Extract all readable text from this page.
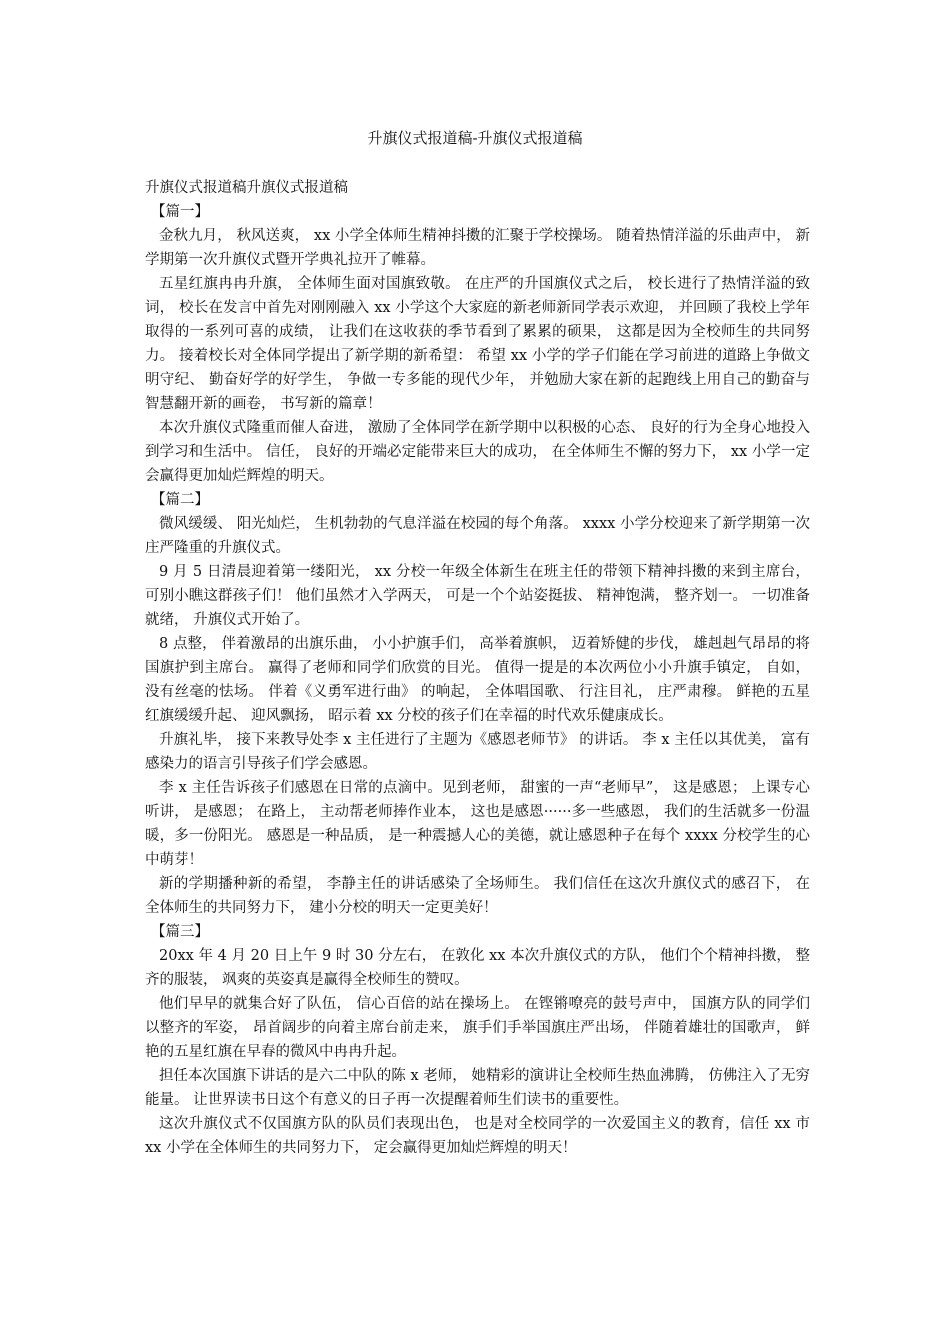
升旗仪式报道稿-升旗仪式报道稿

升旗仪式报道稿升旗仪式报道稿

【篇一】

金秋九月， 秋风送爽， xx 小学全体师生精神抖擞的汇聚于学校操场。 随着热情洋溢的乐曲声中， 新学期第一次升旗仪式暨开学典礼拉开了帷幕。

五星红旗冉冉升旗， 全体师生面对国旗致敬。 在庄严的升国旗仪式之后， 校长进行了热情洋溢的致词， 校长在发言中首先对刚刚融入 xx 小学这个大家庭的新老师新同学表示欢迎， 并回顾了我校上学年取得的一系列可喜的成绩， 让我们在这收获的季节看到了累累的硕果， 这都是因为全校师生的共同努力。 接着校长对全体同学提出了新学期的新希望： 希望 xx 小学的学子们能在学习前进的道路上争做文明守纪、 勤奋好学的好学生， 争做一专多能的现代少年， 并勉励大家在新的起跑线上用自己的勤奋与智慧翻开新的画卷， 书写新的篇章！

本次升旗仪式隆重而催人奋进， 激励了全体同学在新学期中以积极的心态、 良好的行为全身心地投入到学习和生活中。 信任， 良好的开端必定能带来巨大的成功， 在全体师生不懈的努力下， xx 小学一定会赢得更加灿烂辉煌的明天。

【篇二】

微风缓缓、 阳光灿烂， 生机勃勃的气息洋溢在校园的每个角落。 xxxx 小学分校迎来了新学期第一次庄严隆重的升旗仪式。

9 月 5 日清晨迎着第一缕阳光， xx 分校一年级全体新生在班主任的带领下精神抖擞的来到主席台， 可别小瞧这群孩子们！ 他们虽然才入学两天， 可是一个个站姿挺拔、 精神饱满， 整齐划一。 一切准备就绪， 升旗仪式开始了。

8 点整， 伴着激昂的出旗乐曲， 小小护旗手们， 高举着旗帜， 迈着矫健的步伐， 雄赳赳气昂昂的将国旗护到主席台。 赢得了老师和同学们欣赏的目光。 值得一提是的本次两位小小升旗手镇定， 自如， 没有丝毫的怯场。 伴着《义勇军进行曲》 的响起， 全体唱国歌、 行注目礼， 庄严肃穆。 鲜艳的五星红旗缓缓升起、 迎风飘扬， 昭示着 xx 分校的孩子们在幸福的时代欢乐健康成长。

升旗礼毕， 接下来教导处李 x 主任进行了主题为《感恩老师节》 的讲话。 李 x 主任以其优美， 富有感染力的语言引导孩子们学会感恩。

李 x 主任告诉孩子们感恩在日常的点滴中。见到老师， 甜蜜的一声“老师早”， 这是感恩； 上课专心听讲， 是感恩； 在路上， 主动帮老师捧作业本， 这也是感恩······多一些感恩， 我们的生活就多一份温暖，多一份阳光。 感恩是一种品质， 是一种震撼人心的美德，就让感恩种子在每个 xxxx 分校学生的心中萌芽！

新的学期播种新的希望， 李静主任的讲话感染了全场师生。 我们信任在这次升旗仪式的感召下， 在全体师生的共同努力下， 建小分校的明天一定更美好！

【篇三】

20xx 年 4 月 20 日上午 9 时 30 分左右， 在敦化 xx 本次升旗仪式的方队， 他们个个精神抖擞， 整齐的服装， 飒爽的英姿真是赢得全校师生的赞叹。

他们早早的就集合好了队伍， 信心百倍的站在操场上。 在铿锵嘹亮的鼓号声中， 国旗方队的同学们以整齐的军姿， 昂首阔步的向着主席台前走来， 旗手们手举国旗庄严出场， 伴随着雄壮的国歌声， 鲜艳的五星红旗在早春的微风中冉冉升起。

担任本次国旗下讲话的是六二中队的陈 x 老师， 她精彩的演讲让全校师生热血沸腾， 仿佛注入了无穷能量。 让世界读书日这个有意义的日子再一次提醒着师生们读书的重要性。

这次升旗仪式不仅国旗方队的队员们表现出色， 也是对全校同学的一次爱国主义的教育，信任 xx 市 xx 小学在全体师生的共同努力下， 定会赢得更加灿烂辉煌的明天！
